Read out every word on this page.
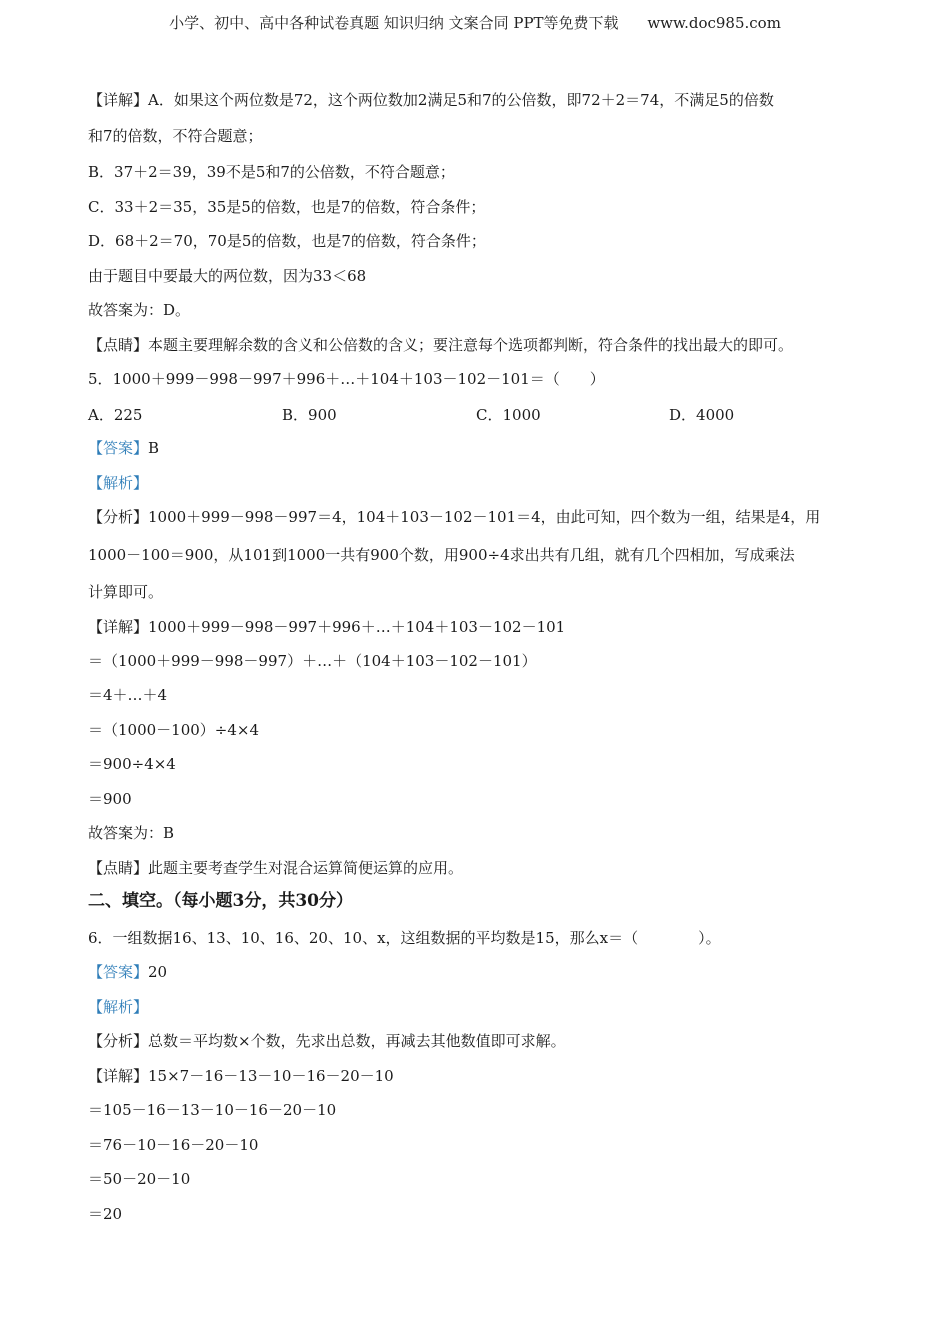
小学、初中、高中各种试卷真题 知识归纳 文案合同 PPT等免费下载 www.doc985.com
【详解】A．如果这个两位数是72，这个两位数加2满足5和7的公倍数，即72＋2＝74，不满足5的倍数
和7的倍数，不符合题意；
B．37＋2＝39，39不是5和7的公倍数，不符合题意；
C．33＋2＝35，35是5的倍数，也是7的倍数，符合条件；
D．68＋2＝70，70是5的倍数，也是7的倍数，符合条件；
由于题目中要最大的两位数，因为33＜68
故答案为：D。
【点睛】本题主要理解余数的含义和公倍数的含义；要注意每个选项都判断，符合条件的找出最大的即可。
5．1000＋999－998－997＋996＋…＋104＋103－102－101＝（　　）
A．225	B．900	C．1000	D．4000
【答案】B
【解析】
【分析】1000＋999－998－997＝4，104＋103－102－101＝4，由此可知，四个数为一组，结果是4，用
1000－100＝900，从101到1000一共有900个数，用900÷4求出共有几组，就有几个四相加，写成乘法
计算即可。
【详解】1000＋999－998－997＋996＋…＋104＋103－102－101
＝（1000＋999－998－997）＋…＋（104＋103－102－101）
＝4＋…＋4
＝（1000－100）÷4×4
＝900÷4×4
＝900
故答案为：B
【点睛】此题主要考查学生对混合运算简便运算的应用。
二、填空。（每小题3分，共30分）
6．一组数据16、13、10、16、20、10、x，这组数据的平均数是15，那么x＝（　　　　）。
【答案】20
【解析】
【分析】总数＝平均数×个数，先求出总数，再减去其他数值即可求解。
【详解】15×7－16－13－10－16－20－10
＝105－16－13－10－16－20－10
＝76－10－16－20－10
＝50－20－10
＝20
